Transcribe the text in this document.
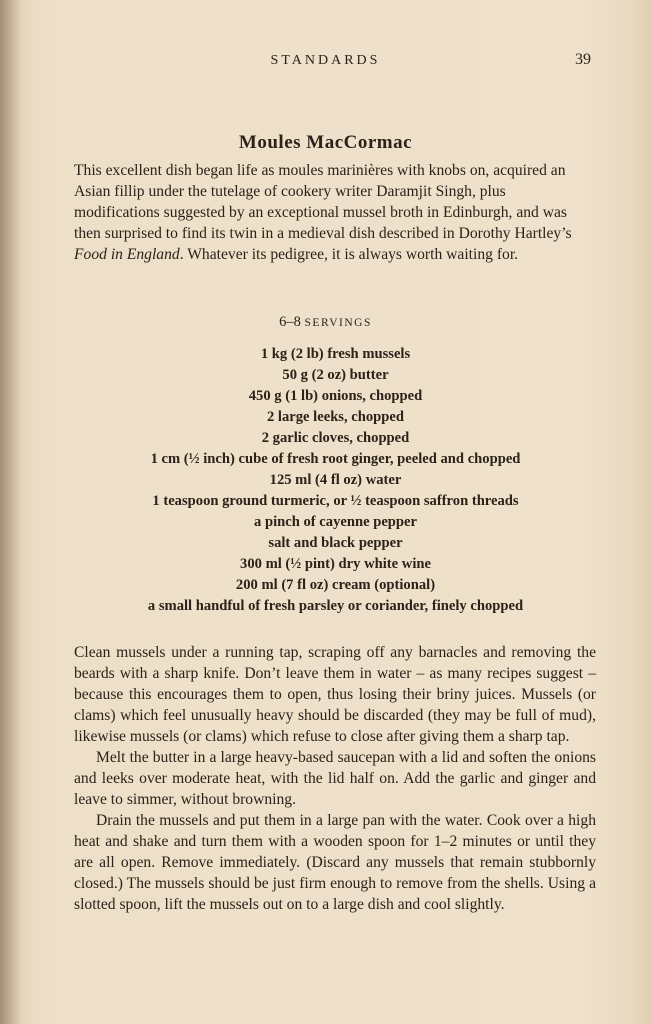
STANDARDS	39
Moules MacCormac

This excellent dish began life as moules marinières with knobs on, acquired an Asian fillip under the tutelage of cookery writer Daramjit Singh, plus modifications suggested by an exceptional mussel broth in Edinburgh, and was then surprised to find its twin in a medieval dish described in Dorothy Hartley’s Food in England. Whatever its pedigree, it is always worth waiting for.

6–8 SERVINGS
1 kg (2 lb) fresh mussels
50 g (2 oz) butter
450 g (1 lb) onions, chopped
2 large leeks, chopped
2 garlic cloves, chopped
1 cm (½ inch) cube of fresh root ginger, peeled and chopped
125 ml (4 fl oz) water
1 teaspoon ground turmeric, or ½ teaspoon saffron threads
a pinch of cayenne pepper
salt and black pepper
300 ml (½ pint) dry white wine
200 ml (7 fl oz) cream (optional)
a small handful of fresh parsley or coriander, finely chopped

Clean mussels under a running tap, scraping off any barnacles and removing the beards with a sharp knife. Don’t leave them in water – as many recipes suggest – because this encourages them to open, thus losing their briny juices. Mussels (or clams) which feel unusually heavy should be discarded (they may be full of mud), likewise mussels (or clams) which refuse to close after giving them a sharp tap.

Melt the butter in a large heavy-based saucepan with a lid and soften the onions and leeks over moderate heat, with the lid half on. Add the garlic and ginger and leave to simmer, without browning.

Drain the mussels and put them in a large pan with the water. Cook over a high heat and shake and turn them with a wooden spoon for 1–2 minutes or until they are all open. Remove immediately. (Discard any mussels that remain stubbornly closed.) The mussels should be just firm enough to remove from the shells. Using a slotted spoon, lift the mussels out on to a large dish and cool slightly.
